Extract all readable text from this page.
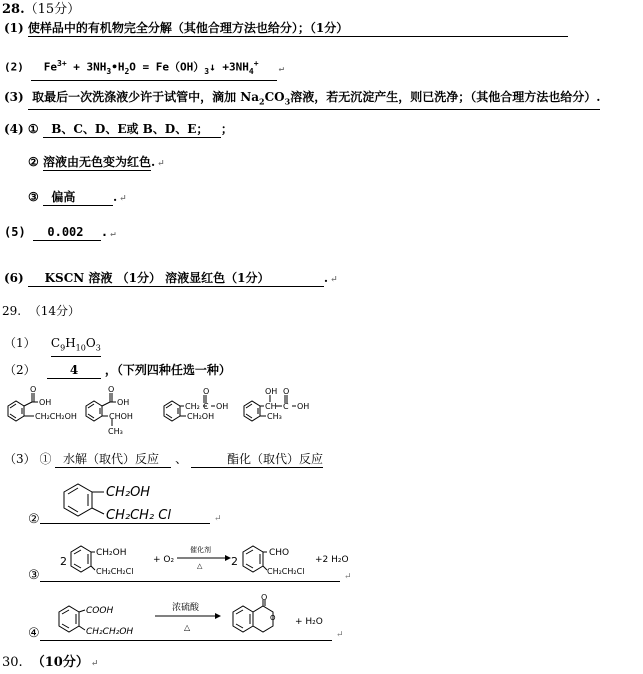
28.（15分）
(1) 使样品中的有机物完全分解（其他合理方法也给分）；（1分）
(2) $Fe^{3+}$ + $3NH_3•H_2O$ = $Fe(OH)_3↓$ $+3NH_4^+↵$
(3) 取最后一次洗涤液少许于试管中，滴加 $Na_2CO_3$溶液，若无沉淀产生，则已洗净；（其他合理方法也给分）.
(4) ① B、C、D、E或 B、D、E； ；
② 溶液由无色变为红色. ↵
③ 偏高	. ↵
(5) 0.002 . ↵
(6) KSCN 溶液 （1分） 溶液显红色（1分）	. ↵
29. （14分）
（1） $C_9H_{10}O_3$
（2）	4 ，（下列四种任选一种）
O
OH
CH₂CH₂OH
O
OH
CHOH
CH₃
CH₂ C
O
OH
CH₂OH
CH
OH
C
O
OH
CH₃
（3） ① 水解（取代）反应 、	酯化（取代）反应
②	↵
CH₂OH
CH₂CH₂ Cl
③	↵
2
CH₂OH
CH₂CH₂Cl
+ O₂
催化剂
△	2
CHO
CH₂CH₂Cl
+2 H₂O
④	↵
COOH
CH₂CH₂OH
浓硫酸
△
O
O + H₂O
30. （10分） ↵
